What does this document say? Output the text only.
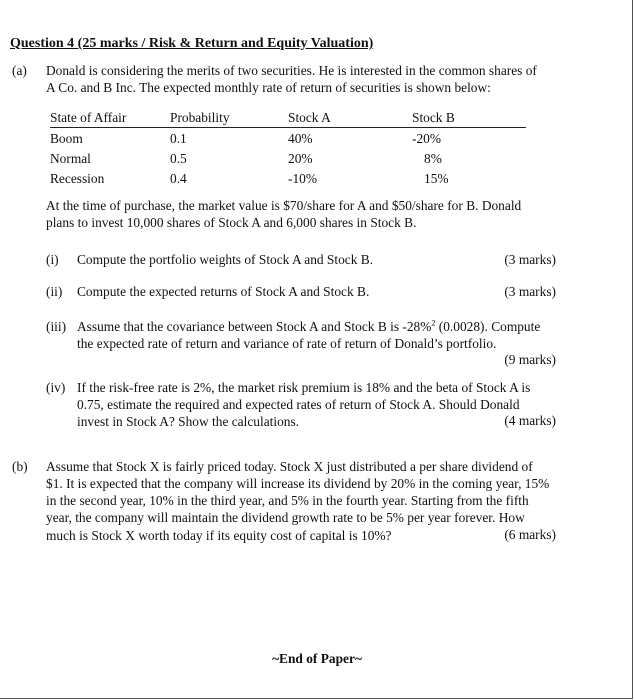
Question 4 (25 marks / Risk & Return and Equity Valuation)
(a) Donald is considering the merits of two securities. He is interested in the common shares of
A Co. and B Inc. The expected monthly rate of return of securities is shown below:
State of Affair	Probability	Stock A	Stock B
Boom	0.1	40%	-20%
Normal	0.5	20%	8%
Recession	0.4	-10%	15%
At the time of purchase, the market value is $70/share for A and $50/share for B. Donald
plans to invest 10,000 shares of Stock A and 6,000 shares in Stock B.
(i) Compute the portfolio weights of Stock A and Stock B.	(3 marks)
(ii) Compute the expected returns of Stock A and Stock B.	(3 marks)
(iii) Assume that the covariance between Stock A and Stock B is -28%$^2$ (0.0028). Compute
the expected rate of return and variance of rate of return of Donald’s portfolio.
(9 marks)
(iv) If the risk-free rate is 2%, the market risk premium is 18% and the beta of Stock A is
0.75, estimate the required and expected rates of return of Stock A. Should Donald
invest in Stock A? Show the calculations.	(4 marks)
(b) Assume that Stock X is fairly priced today. Stock X just distributed a per share dividend of
$1. It is expected that the company will increase its dividend by 20% in the coming year, 15%
in the second year, 10% in the third year, and 5% in the fourth year. Starting from the fifth
year, the company will maintain the dividend growth rate to be 5% per year forever. How
much is Stock X worth today if its equity cost of capital is 10%?	(6 marks)
~End of Paper~
